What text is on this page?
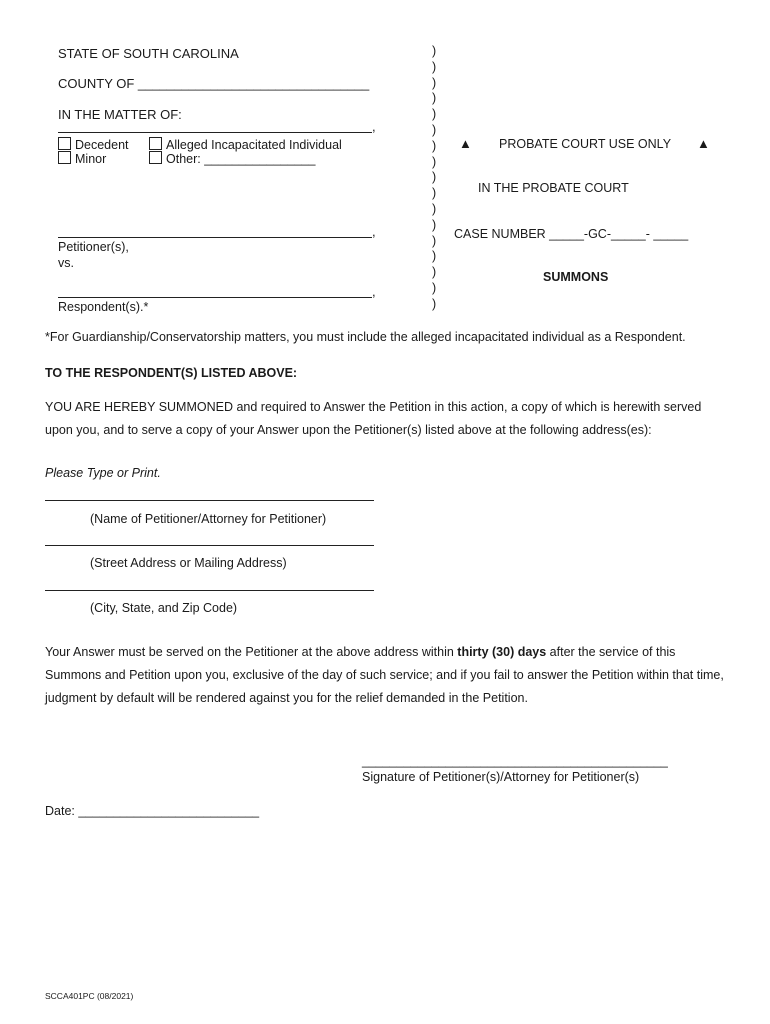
STATE OF SOUTH CAROLINA
COUNTY OF ________________________________
IN THE MATTER OF:
,
Decedent
Minor
Alleged Incapacitated Individual
Other: ________________
,
Petitioner(s),
vs.
,
Respondent(s).*
)
)
)
)
)
)
)
)
)
)
)
)
)
)
)
)
)
▲ PROBATE COURT USE ONLY ▲
IN THE PROBATE COURT
CASE NUMBER _____-GC-_____- _____
SUMMONS
*For Guardianship/Conservatorship matters, you must include the alleged incapacitated individual as a Respondent.
TO THE RESPONDENT(S) LISTED ABOVE:
YOU ARE HEREBY SUMMONED and required to Answer the Petition in this action, a copy of which is herewith served upon you, and to serve a copy of your Answer upon the Petitioner(s) listed above at the following address(es):
Please Type or Print.
(Name of Petitioner/Attorney for Petitioner)
(Street Address or Mailing Address)
(City, State, and Zip Code)
Your Answer must be served on the Petitioner at the above address within thirty (30) days after the service of this Summons and Petition upon you, exclusive of the day of such service; and if you fail to answer the Petition within that time, judgment by default will be rendered against you for the relief demanded in the Petition.
____________________________________________
Signature of Petitioner(s)/Attorney for Petitioner(s)
Date: __________________________
SCCA401PC (08/2021)
